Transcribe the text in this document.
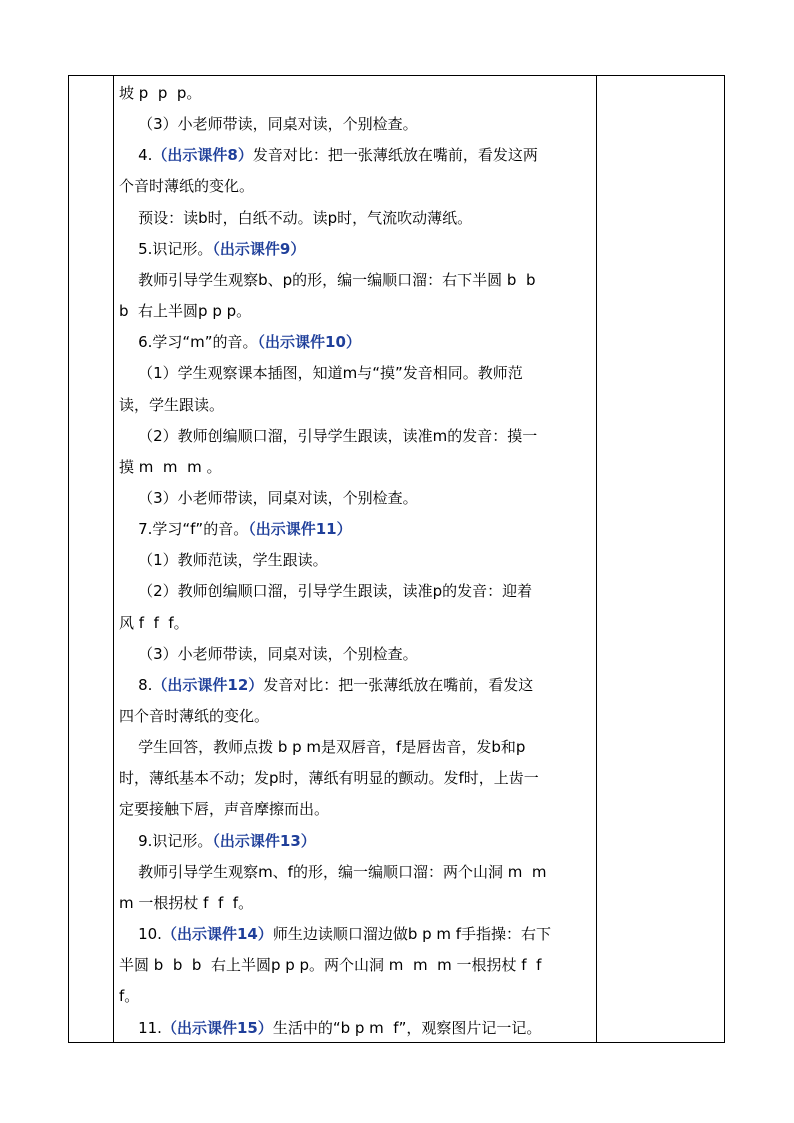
坡 p  p  p。
（3）小老师带读，同桌对读，个别检查。
4.（出示课件8）发音对比：把一张薄纸放在嘴前，看发这两
个音时薄纸的变化。
预设：读b时，白纸不动。读p时，气流吹动薄纸。
5.识记形。（出示课件9）
教师引导学生观察b、p的形，编一编顺口溜：右下半圆 b  b
b  右上半圆p p p。
6.学习“m”的音。（出示课件10）
（1）学生观察课本插图，知道m与“摸”发音相同。教师范
读，学生跟读。
（2）教师创编顺口溜，引导学生跟读，读准m的发音：摸一
摸 m  m  m 。
（3）小老师带读，同桌对读，个别检查。
7.学习“f”的音。（出示课件11）
（1）教师范读，学生跟读。
（2）教师创编顺口溜，引导学生跟读，读准p的发音：迎着
风 f  f  f。
（3）小老师带读，同桌对读，个别检查。
8.（出示课件12）发音对比：把一张薄纸放在嘴前，看发这
四个音时薄纸的变化。
学生回答，教师点拨 b p m是双唇音，f是唇齿音，发b和p
时，薄纸基本不动；发p时，薄纸有明显的颤动。发f时，上齿一
定要接触下唇，声音摩擦而出。
9.识记形。（出示课件13）
教师引导学生观察m、f的形，编一编顺口溜：两个山洞 m  m
m 一根拐杖 f  f  f。
10.（出示课件14）师生边读顺口溜边做b p m f手指操：右下
半圆 b  b  b  右上半圆p p p。两个山洞 m  m  m 一根拐杖 f  f
f。
11.（出示课件15）生活中的“b p m  f”，观察图片记一记。
